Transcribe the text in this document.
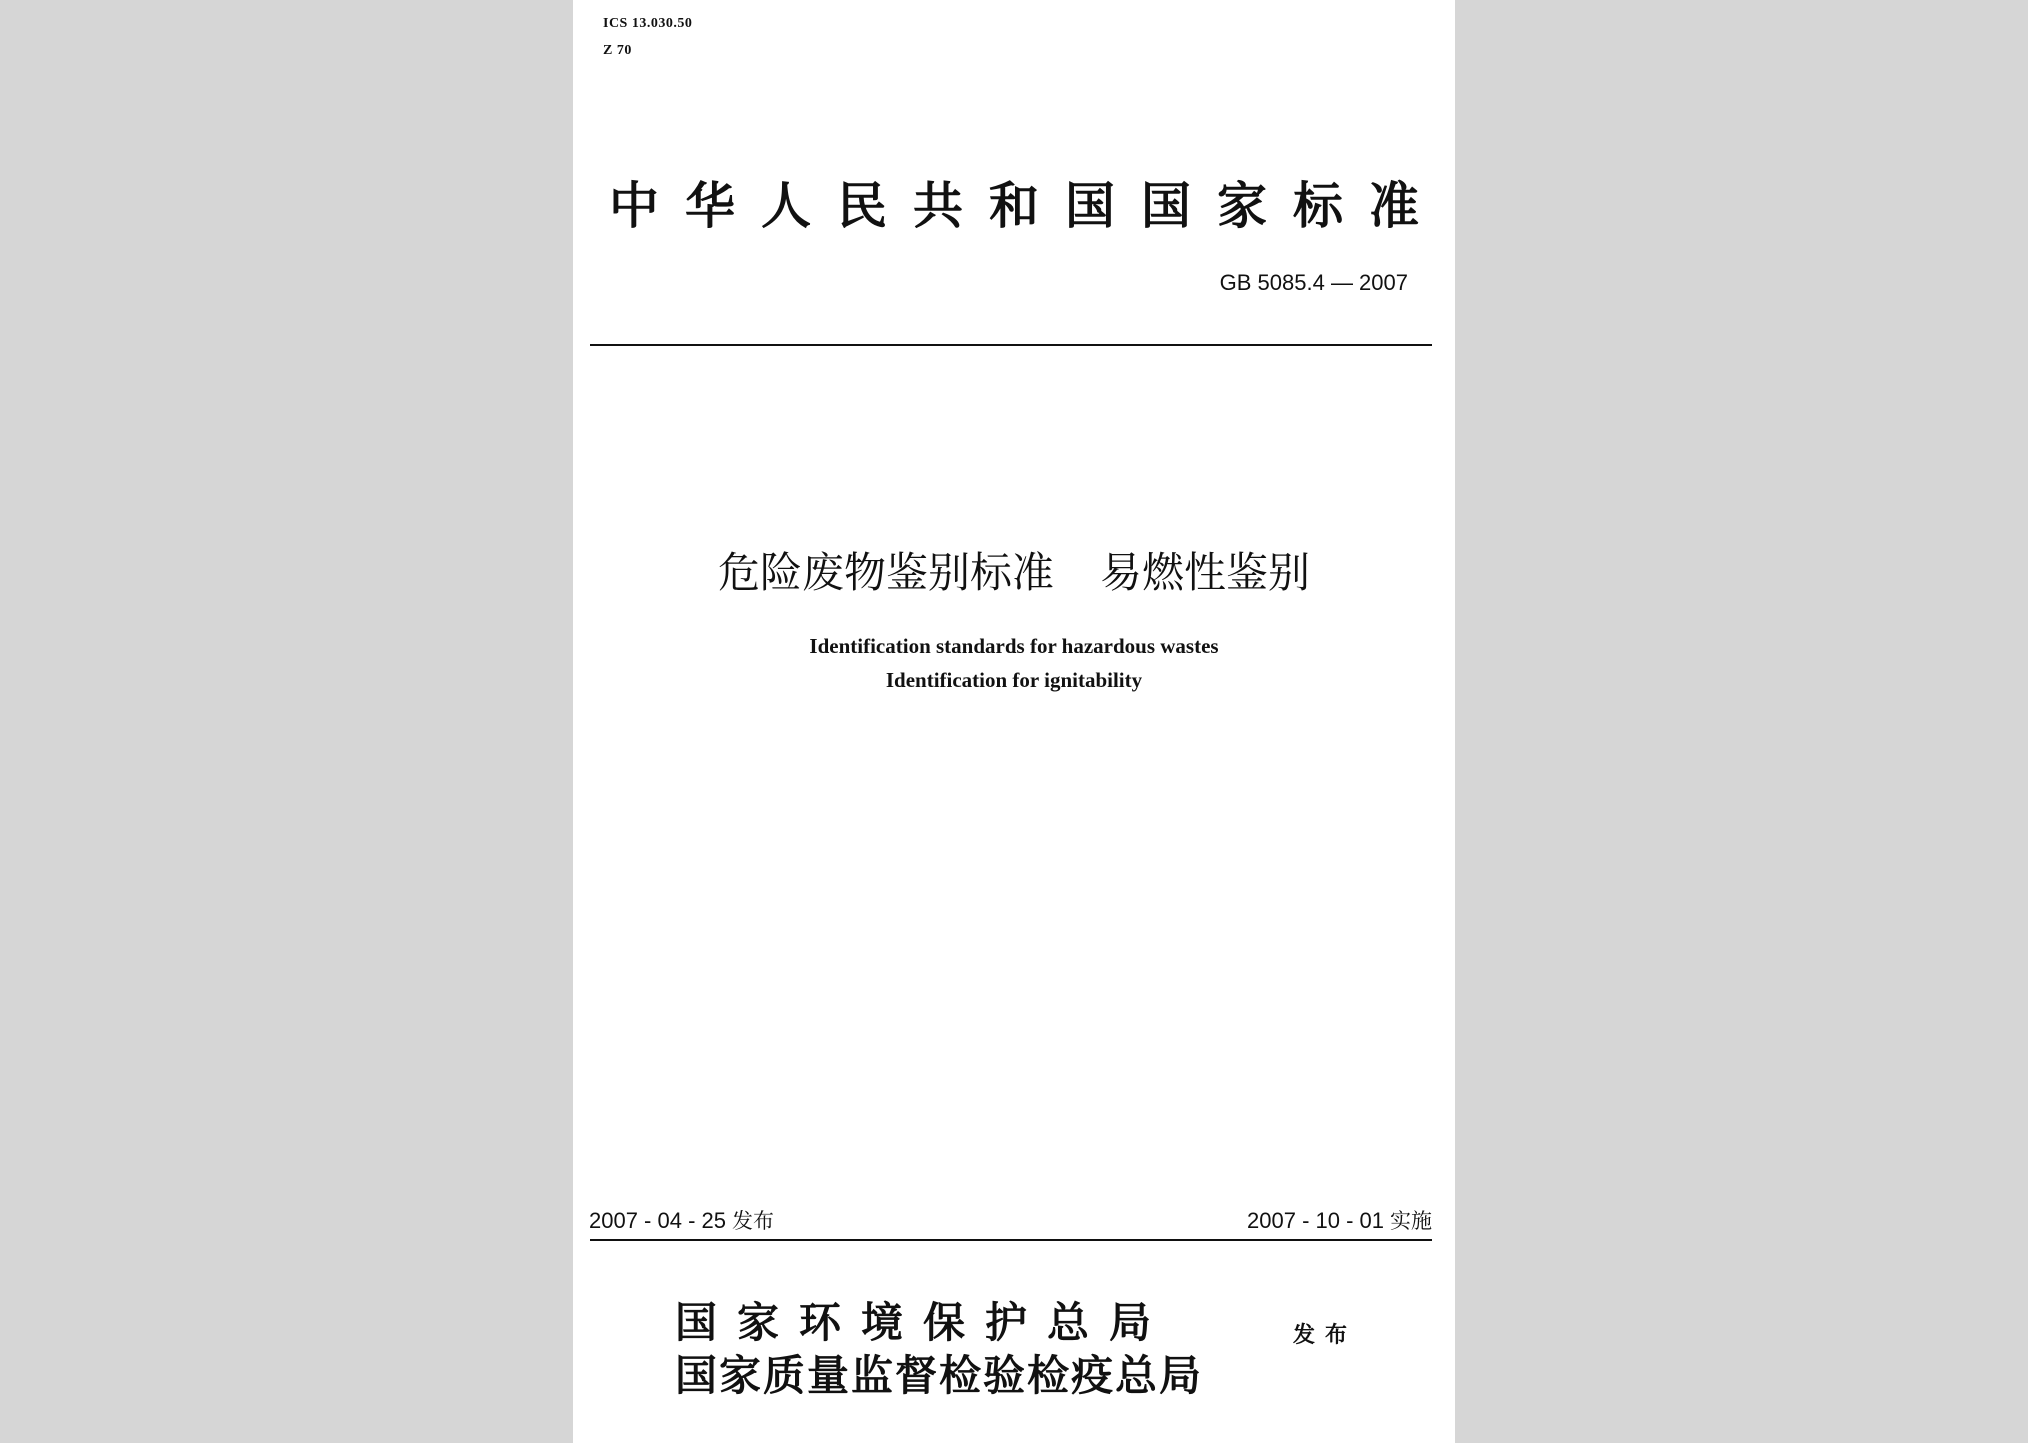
ICS 13.030.50
Z 70
中华人民共和国国家标准
GB 5085.4 — 2007
危险废物鉴别标准 易燃性鉴别
Identification standards for hazardous wastes
Identification for ignitability
2007 - 04 - 25 发布	2007 - 10 - 01 实施
国家环境保护总局
国家质量监督检验检疫总局
发布
